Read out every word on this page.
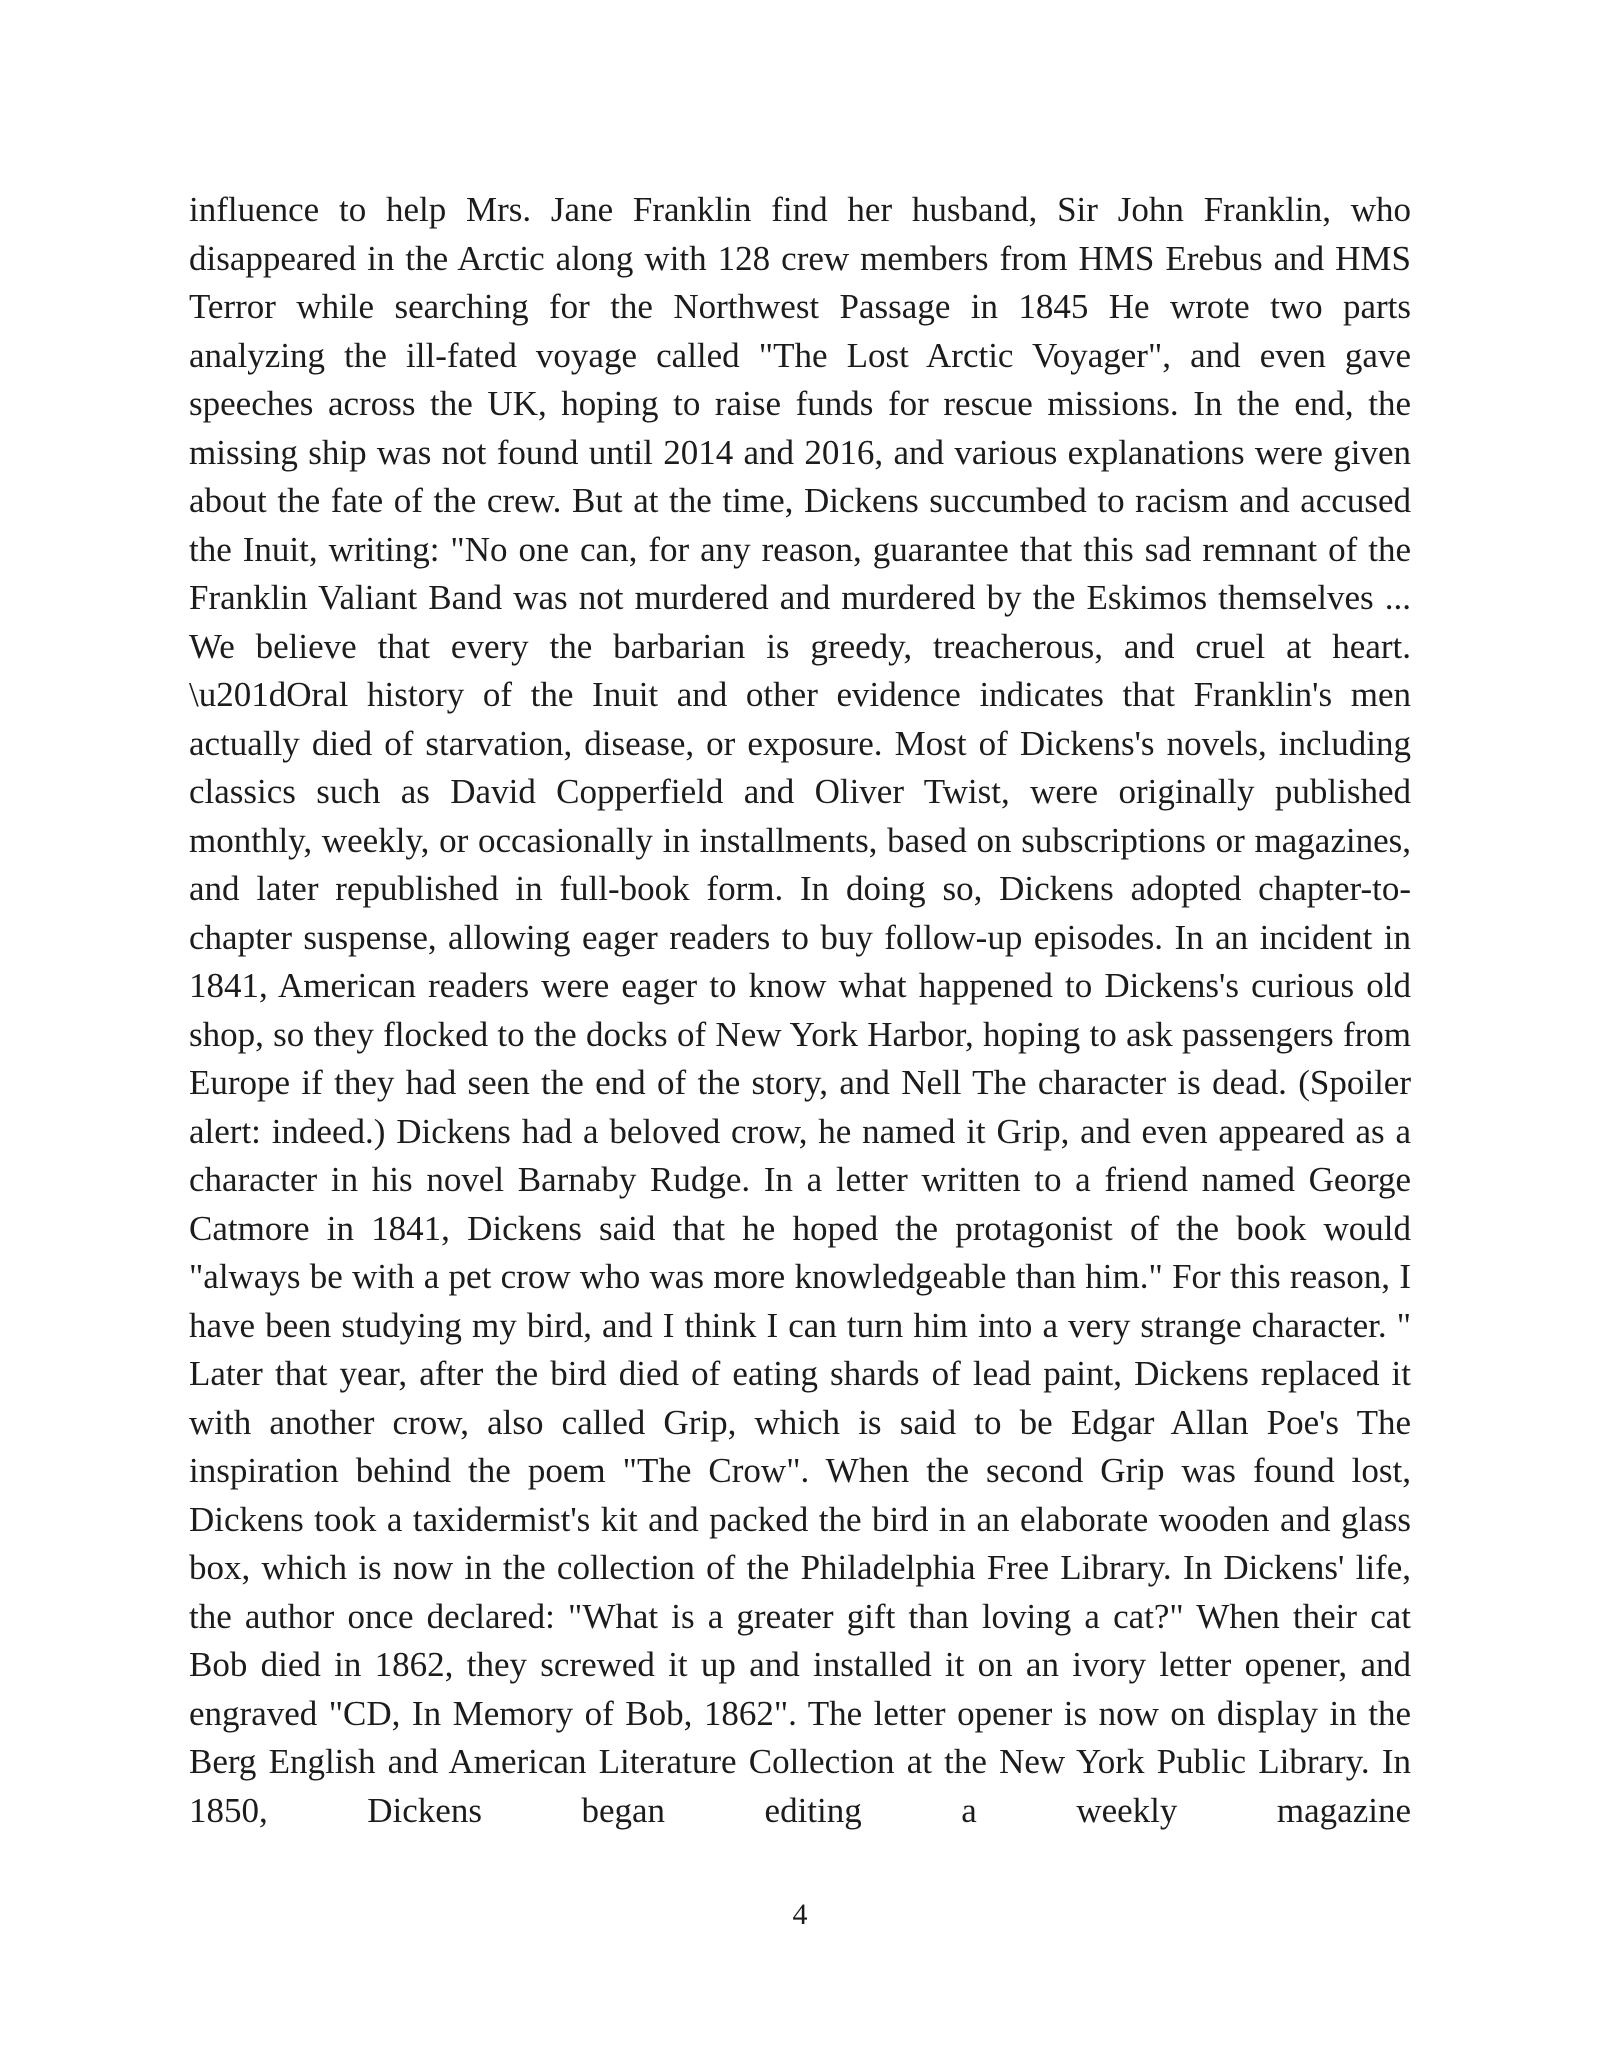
influence to help Mrs. Jane Franklin find her husband, Sir John Franklin, who disappeared in the Arctic along with 128 crew members from HMS Erebus and HMS Terror while searching for the Northwest Passage in 1845 He wrote two parts analyzing the ill-fated voyage called "The Lost Arctic Voyager", and even gave speeches across the UK, hoping to raise funds for rescue missions. In the end, the missing ship was not found until 2014 and 2016, and various explanations were given about the fate of the crew. But at the time, Dickens succumbed to racism and accused the Inuit, writing: "No one can, for any reason, guarantee that this sad remnant of the Franklin Valiant Band was not murdered and murdered by the Eskimos themselves ... We believe that every the barbarian is greedy, treacherous, and cruel at heart. \u201dOral history of the Inuit and other evidence indicates that Franklin's men actually died of starvation, disease, or exposure. Most of Dickens's novels, including classics such as David Copperfield and Oliver Twist, were originally published monthly, weekly, or occasionally in installments, based on subscriptions or magazines, and later republished in full-book form. In doing so, Dickens adopted chapter-to-chapter suspense, allowing eager readers to buy follow-up episodes. In an incident in 1841, American readers were eager to know what happened to Dickens's curious old shop, so they flocked to the docks of New York Harbor, hoping to ask passengers from Europe if they had seen the end of the story, and Nell The character is dead. (Spoiler alert: indeed.) Dickens had a beloved crow, he named it Grip, and even appeared as a character in his novel Barnaby Rudge. In a letter written to a friend named George Catmore in 1841, Dickens said that he hoped the protagonist of the book would "always be with a pet crow who was more knowledgeable than him." For this reason, I have been studying my bird, and I think I can turn him into a very strange character. " Later that year, after the bird died of eating shards of lead paint, Dickens replaced it with another crow, also called Grip, which is said to be Edgar Allan Poe's The inspiration behind the poem "The Crow". When the second Grip was found lost, Dickens took a taxidermist's kit and packed the bird in an elaborate wooden and glass box, which is now in the collection of the Philadelphia Free Library. In Dickens' life, the author once declared: "What is a greater gift than loving a cat?" When their cat Bob died in 1862, they screwed it up and installed it on an ivory letter opener, and engraved "CD, In Memory of Bob, 1862". The letter opener is now on display in the Berg English and American Literature Collection at the New York Public Library. In 1850, Dickens began editing a weekly magazine

4
